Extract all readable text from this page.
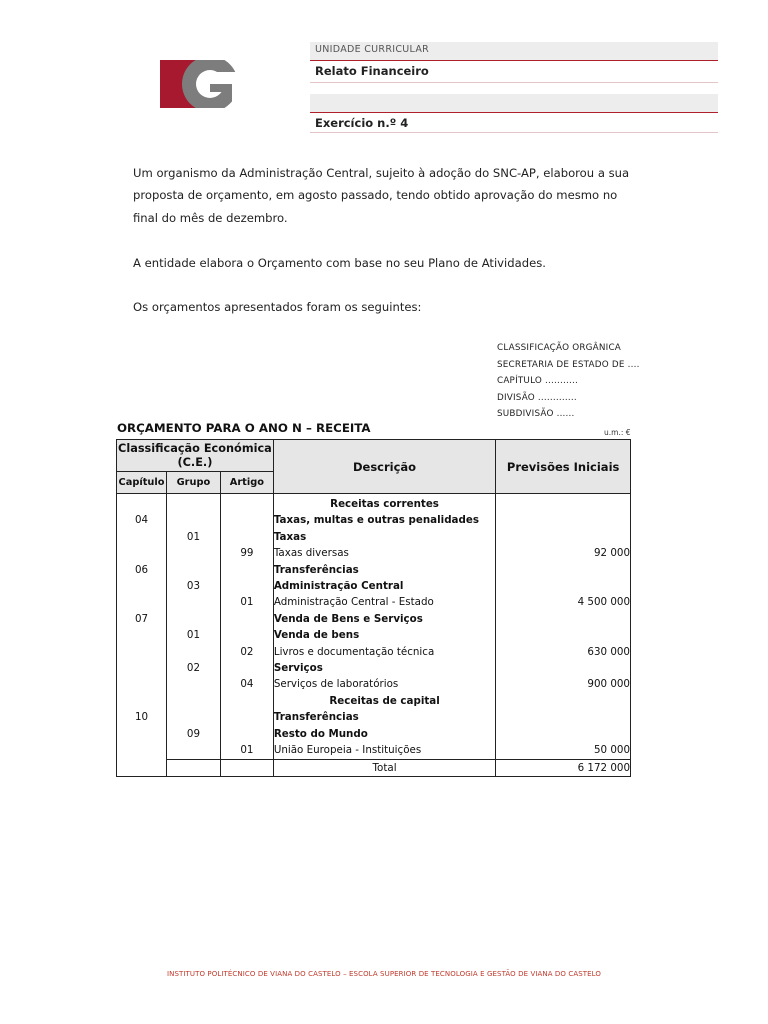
UNIDADE CURRICULAR
Relato Financeiro
Exercício n.º 4
Um organismo da Administração Central, sujeito à adoção do SNC-AP, elaborou a sua proposta de orçamento, em agosto passado, tendo obtido aprovação do mesmo no final do mês de dezembro.
A entidade elabora o Orçamento com base no seu Plano de Atividades.
Os orçamentos apresentados foram os seguintes:
CLASSIFICAÇÃO ORGÂNICA
SECRETARIA DE ESTADO DE ....
CAPÍTULO ...........
DIVISÃO .............
SUBDIVISÃO ......
ORÇAMENTO PARA O ANO N – RECEITA	u.m.: €
Classificação Económica (C.E.)			Descrição	Previsões Iniciais
Capítulo	Grupo	Artigo		
			Receitas correntes	
04			Taxas, multas e outras penalidades	
	01		Taxas	
		99	Taxas diversas	92 000
06			Transferências	
	03		Administração Central	
		01	Administração Central - Estado	4 500 000
07			Venda de Bens e Serviços	
	01		Venda de bens	
		02	Livros e documentação técnica	630 000
	02		Serviços	
		04	Serviços de laboratórios	900 000
			Receitas de capital	
10			Transferências	
	09		Resto do Mundo	
		01	União Europeia - Instituições	50 000
			Total	6 172 000
INSTITUTO POLITÉCNICO DE VIANA DO CASTELO – ESCOLA SUPERIOR DE TECNOLOGIA E GESTÃO DE VIANA DO CASTELO
